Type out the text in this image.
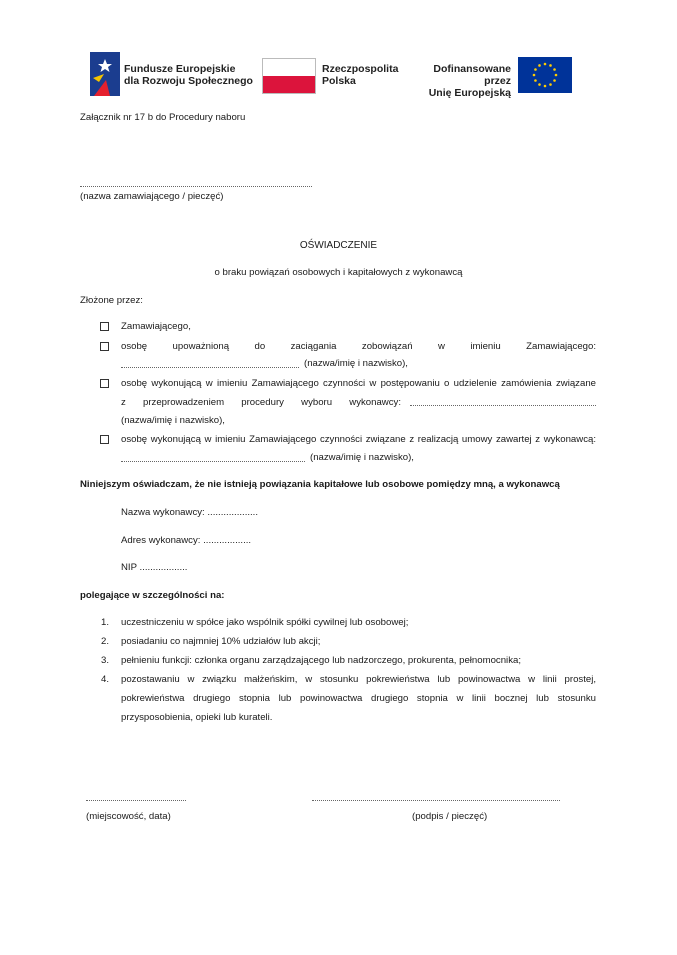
Fundusze Europejskie
dla Rozwoju Społecznego
Rzeczpospolita
Polska
Dofinansowane przez
Unię Europejską
Załącznik nr 17 b do Procedury naboru
(nazwa zamawiającego / pieczęć)
OŚWIADCZENIE
o braku powiązań osobowych i kapitałowych z wykonawcą
Złożone przez:
Zamawiającego,
osobę upoważnioną do zaciągania zobowiązań w imieniu Zamawiającego:
(nazwa/imię i nazwisko),
osobę wykonującą w imieniu Zamawiającego czynności w postępowaniu o udzielenie zamówienia związane
z przeprowadzeniem procedury wyboru wykonawcy:
(nazwa/imię i nazwisko),
osobę wykonującą w imieniu Zamawiającego czynności związane z realizacją umowy zawartej z wykonawcą:
(nazwa/imię i nazwisko),
Niniejszym oświadczam, że nie istnieją powiązania kapitałowe lub osobowe pomiędzy mną, a wykonawcą
Nazwa wykonawcy: ...................
Adres wykonawcy: ..................
NIP ..................
polegające w szczególności na:
1. uczestniczeniu w spółce jako wspólnik spółki cywilnej lub osobowej;
2. posiadaniu co najmniej 10% udziałów lub akcji;
3. pełnieniu funkcji: członka organu zarządzającego lub nadzorczego, prokurenta, pełnomocnika;
4. pozostawaniu w związku małżeńskim, w stosunku pokrewieństwa lub powinowactwa w linii prostej,
pokrewieństwa drugiego stopnia lub powinowactwa drugiego stopnia w linii bocznej lub stosunku
przysposobienia, opieki lub kurateli.
(miejscowość, data)	(podpis / pieczęć)
